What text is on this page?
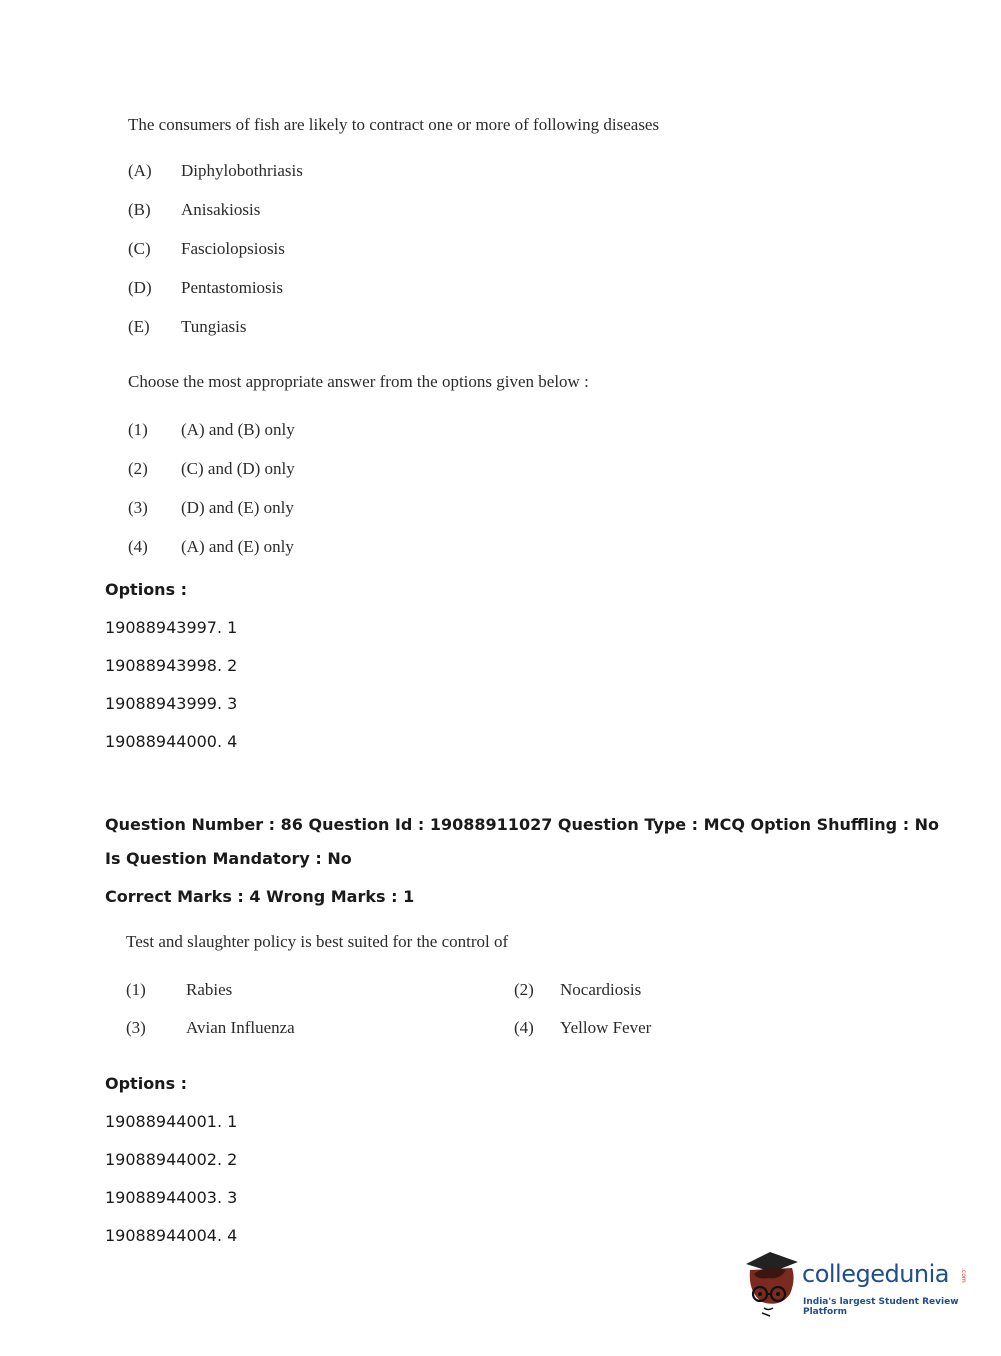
The consumers of fish are likely to contract one or more of following diseases
(A) Diphylobothriasis
(B) Anisakiosis
(C) Fasciolopsiosis
(D) Pentastomiosis
(E) Tungiasis
Choose the most appropriate answer from the options given below :
(1) (A) and (B) only
(2) (C) and (D) only
(3) (D) and (E) only
(4) (A) and (E) only
Options :
19088943997. 1
19088943998. 2
19088943999. 3
19088944000. 4
Question Number : 86 Question Id : 19088911027 Question Type : MCQ Option Shuffling : No
Is Question Mandatory : No
Correct Marks : 4 Wrong Marks : 1
Test and slaughter policy is best suited for the control of
(1) Rabies	(2) Nocardiosis
(3) Avian Influenza	(4) Yellow Fever
Options :
19088944001. 1
19088944002. 2
19088944003. 3
19088944004. 4
collegedunia .com
India's largest Student Review Platform
